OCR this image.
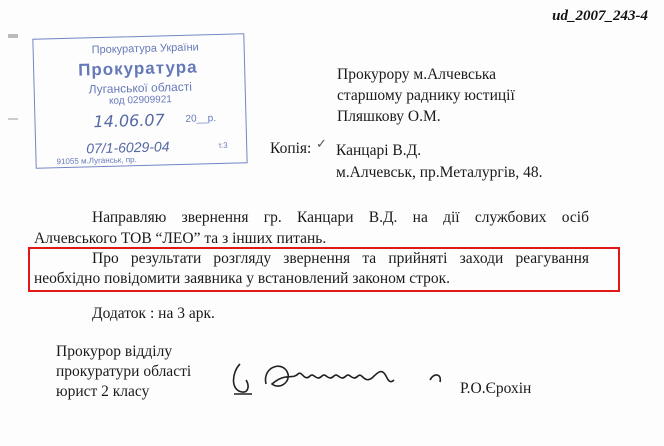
ud_2007_243-4
Прокуратура України
Прокуратура
Луганської області
код 02909921
14.06.07 20__р.
07/1-6029-04	т.3
91055 м.Луганськ, пр.
Прокурору м.Алчевська
старшому раднику юстиції
Пляшкову О.М.
Копія: ✓ Канцарі В.Д.
м.Алчевськ, пр.Металургів, 48.
Направляю звернення гр. Канцари В.Д. на дії службових осіб
Алчевського ТОВ “ЛЕО” та з інших питань.
Про результати розгляду звернення та прийняті заходи реагування
необхідно повідомити заявника у встановлений законом строк.
Додаток : на 3 арк.
Прокурор відділу
прокуратури області
юрист 2 класу	Р.О.Єрохін
